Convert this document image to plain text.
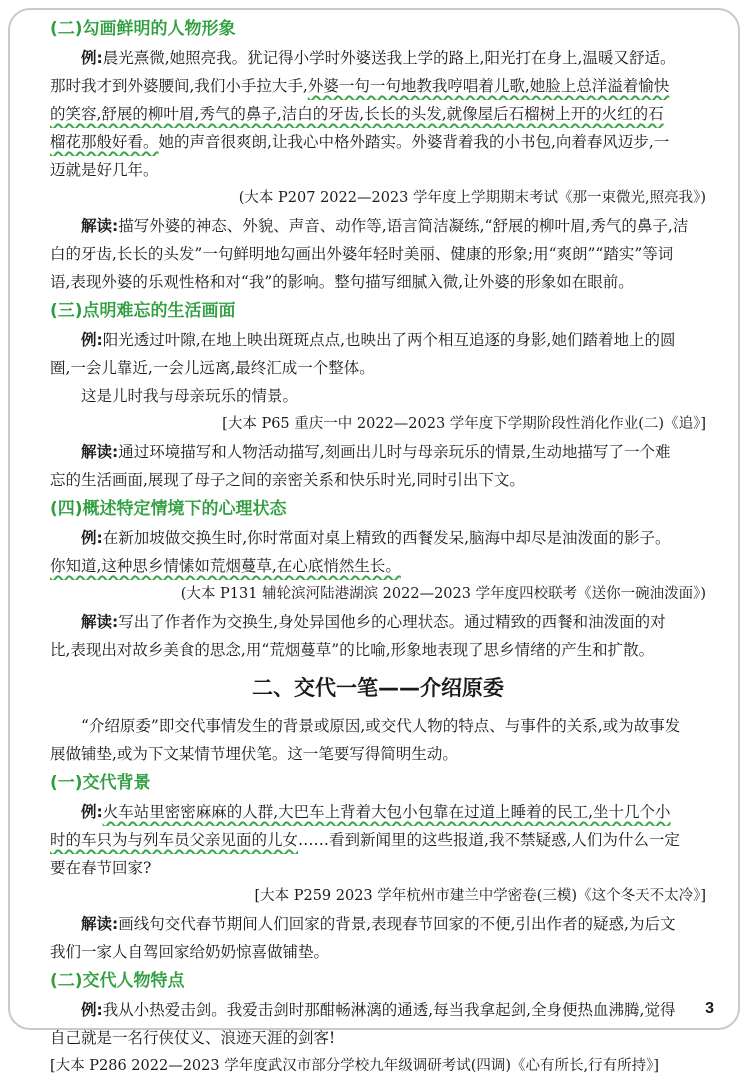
(二)勾画鲜明的人物形象
例:晨光熹微,她照亮我。犹记得小学时外婆送我上学的路上,阳光打在身上,温暖又舒适。
那时我才到外婆腰间,我们小手拉大手,外婆一句一句地教我哼唱着儿歌,她脸上总洋溢着愉快
的笑容,舒展的柳叶眉,秀气的鼻子,洁白的牙齿,长长的头发,就像屋后石榴树上开的火红的石
榴花那般好看。她的声音很爽朗,让我心中格外踏实。外婆背着我的小书包,向着春风迈步,一
迈就是好几年。
(大本 P207 2022—2023 学年度上学期期末考试《那一束微光,照亮我》)
解读:描写外婆的神态、外貌、声音、动作等,语言简洁凝练,“舒展的柳叶眉,秀气的鼻子,洁
白的牙齿,长长的头发”一句鲜明地勾画出外婆年轻时美丽、健康的形象;用“爽朗”“踏实”等词
语,表现外婆的乐观性格和对“我”的影响。整句描写细腻入微,让外婆的形象如在眼前。
(三)点明难忘的生活画面
例:阳光透过叶隙,在地上映出斑斑点点,也映出了两个相互追逐的身影,她们踏着地上的圆
圈,一会儿靠近,一会儿远离,最终汇成一个整体。
这是儿时我与母亲玩乐的情景。
[大本 P65 重庆一中 2022—2023 学年度下学期阶段性消化作业(二)《追》]
解读:通过环境描写和人物活动描写,刻画出儿时与母亲玩乐的情景,生动地描写了一个难
忘的生活画面,展现了母子之间的亲密关系和快乐时光,同时引出下文。
(四)概述特定情境下的心理状态
例:在新加坡做交换生时,你时常面对桌上精致的西餐发呆,脑海中却尽是油泼面的影子。
你知道,这种思乡情愫如荒烟蔓草,在心底悄然生长。
(大本 P131 辅轮滨河陆港湖滨 2022—2023 学年度四校联考《送你一碗油泼面》)
解读:写出了作者作为交换生,身处异国他乡的心理状态。通过精致的西餐和油泼面的对
比,表现出对故乡美食的思念,用“荒烟蔓草”的比喻,形象地表现了思乡情绪的产生和扩散。
二、交代一笔——介绍原委
“介绍原委”即交代事情发生的背景或原因,或交代人物的特点、与事件的关系,或为故事发
展做铺垫,或为下文某情节埋伏笔。这一笔要写得简明生动。
(一)交代背景
例:火车站里密密麻麻的人群,大巴车上背着大包小包靠在过道上睡着的民工,坐十几个小
时的车只为与列车员父亲见面的儿女……看到新闻里的这些报道,我不禁疑惑,人们为什么一定
要在春节回家?
[大本 P259 2023 学年杭州市建兰中学密卷(三模)《这个冬天不太冷》]
解读:画线句交代春节期间人们回家的背景,表现春节回家的不便,引出作者的疑惑,为后文
我们一家人自驾回家给奶奶惊喜做铺垫。
(二)交代人物特点
例:我从小热爱击剑。我爱击剑时那酣畅淋漓的通透,每当我拿起剑,全身便热血沸腾,觉得
自己就是一名行侠仗义、浪迹天涯的剑客!
[大本 P286 2022—2023 学年度武汉市部分学校九年级调研考试(四调)《心有所长,行有所持》]
3
